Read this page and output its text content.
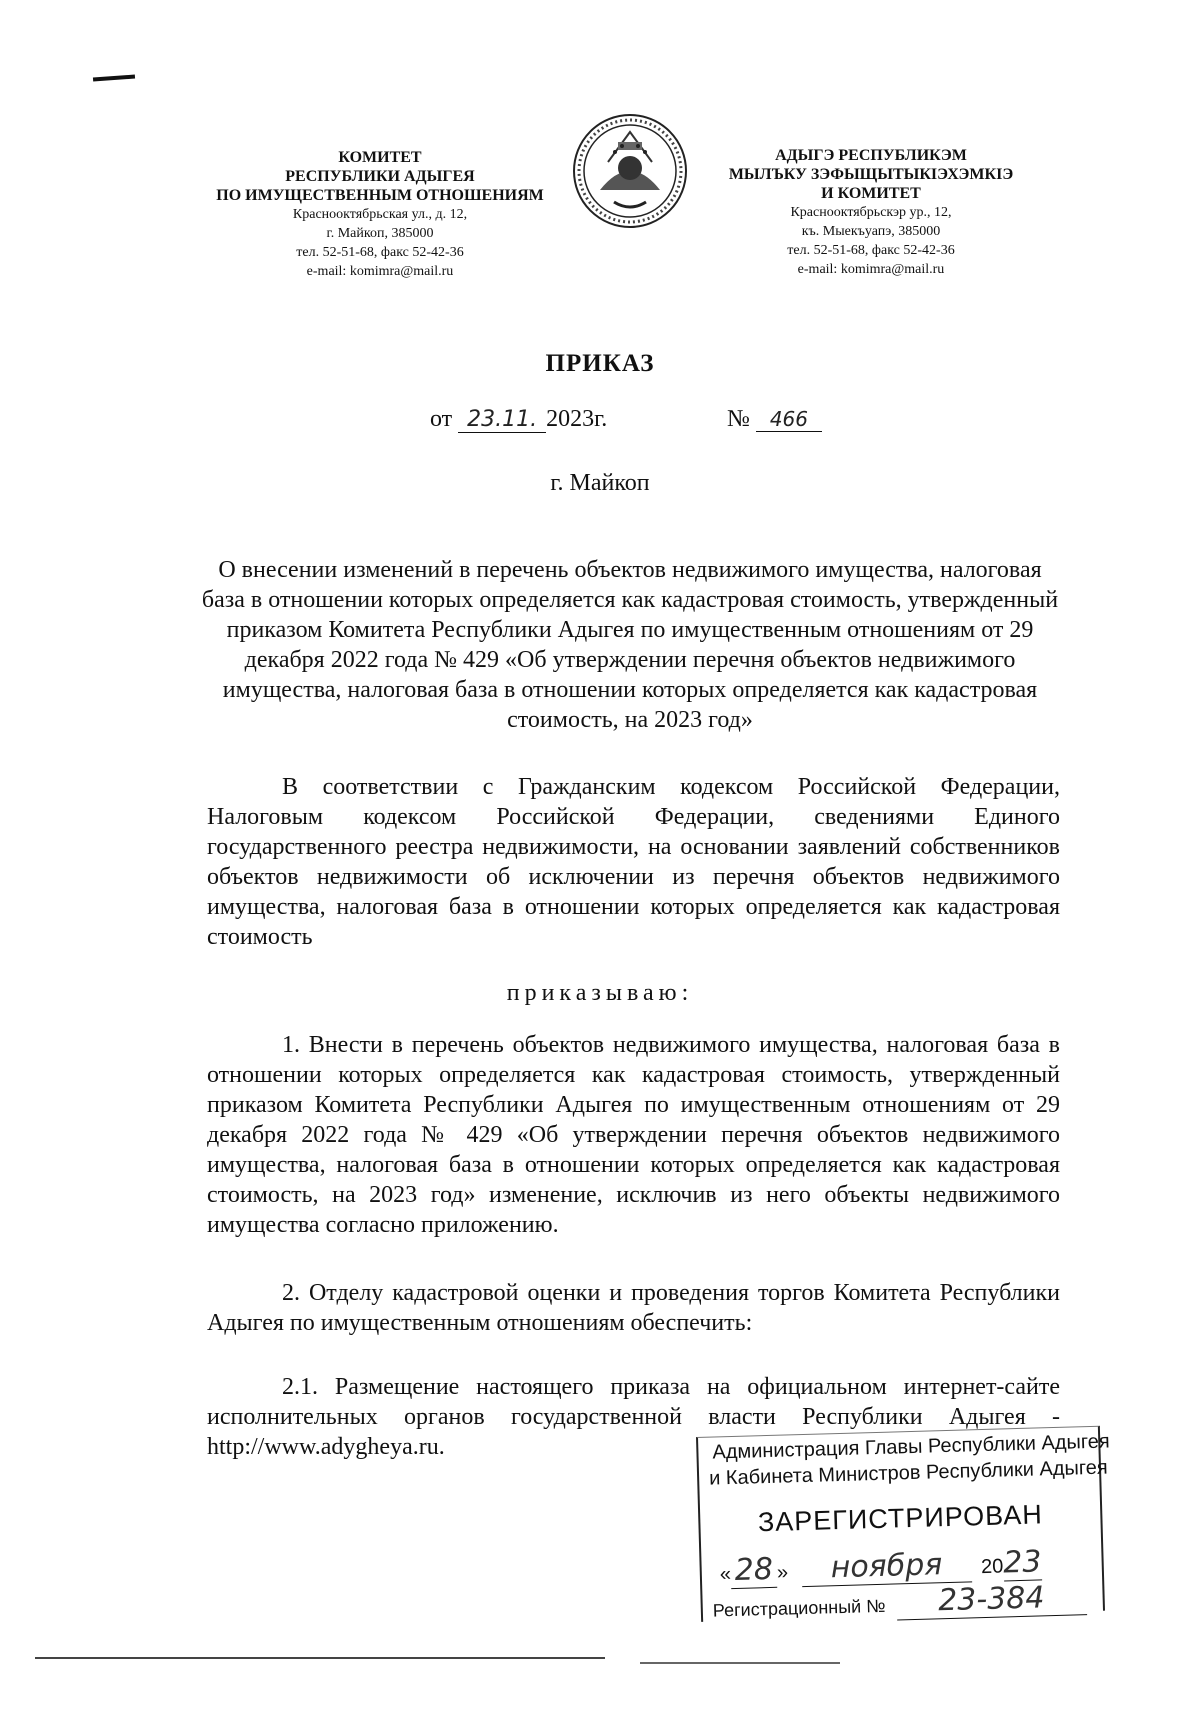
КОМИТЕТ
РЕСПУБЛИКИ АДЫГЕЯ
ПО ИМУЩЕСТВЕННЫМ ОТНОШЕНИЯМ
Краснооктябрьская ул., д. 12,
г. Майкоп, 385000
тел. 52-51-68, факс 52-42-36
e-mail: komimra@mail.ru
АДЫГЭ РЕСПУБЛИКЭМ
МЫЛЪКУ ЗЭФЫЩЫТЫКIЭХЭМКIЭ
И КОМИТЕТ
Краснооктябрьскэр ур., 12,
къ. Мыекъуапэ, 385000
тел. 52-51-68, факс 52-42-36
e-mail: komimra@mail.ru
ПРИКАЗ
от 23.11. 2023г.	№ 466
г. Майкоп
О внесении изменений в перечень объектов недвижимого имущества, налоговая база в отношении которых определяется как кадастровая стоимость, утвержденный приказом Комитета Республики Адыгея по имущественным отношениям от 29 декабря 2022 года № 429 «Об утверждении перечня объектов недвижимого имущества, налоговая база в отношении которых определяется как кадастровая стоимость, на 2023 год»
В соответствии с Гражданским кодексом Российской Федерации, Налоговым кодексом Российской Федерации, сведениями Единого государственного реестра недвижимости, на основании заявлений собственников объектов недвижимости об исключении из перечня объектов недвижимого имущества, налоговая база в отношении которых определяется как кадастровая стоимость
приказываю:
1. Внести в перечень объектов недвижимого имущества, налоговая база в отношении которых определяется как кадастровая стоимость, утвержденный приказом Комитета Республики Адыгея по имущественным отношениям от 29 декабря 2022 года № 429 «Об утверждении перечня объектов недвижимого имущества, налоговая база в отношении которых определяется как кадастровая стоимость, на 2023 год» изменение, исключив из него объекты недвижимого имущества согласно приложению.
2. Отделу кадастровой оценки и проведения торгов Комитета Республики Адыгея по имущественным отношениям обеспечить:
2.1. Размещение настоящего приказа на официальном интернет-сайте исполнительных органов государственной власти Республики Адыгея - http://www.adygheya.ru.	Администрация Главы Республики Адыгея
и Кабинета Министров Республики Адыгея
ЗАРЕГИСТРИРОВАН
« 28 » ноября 2023
Регистрационный № 23-384
